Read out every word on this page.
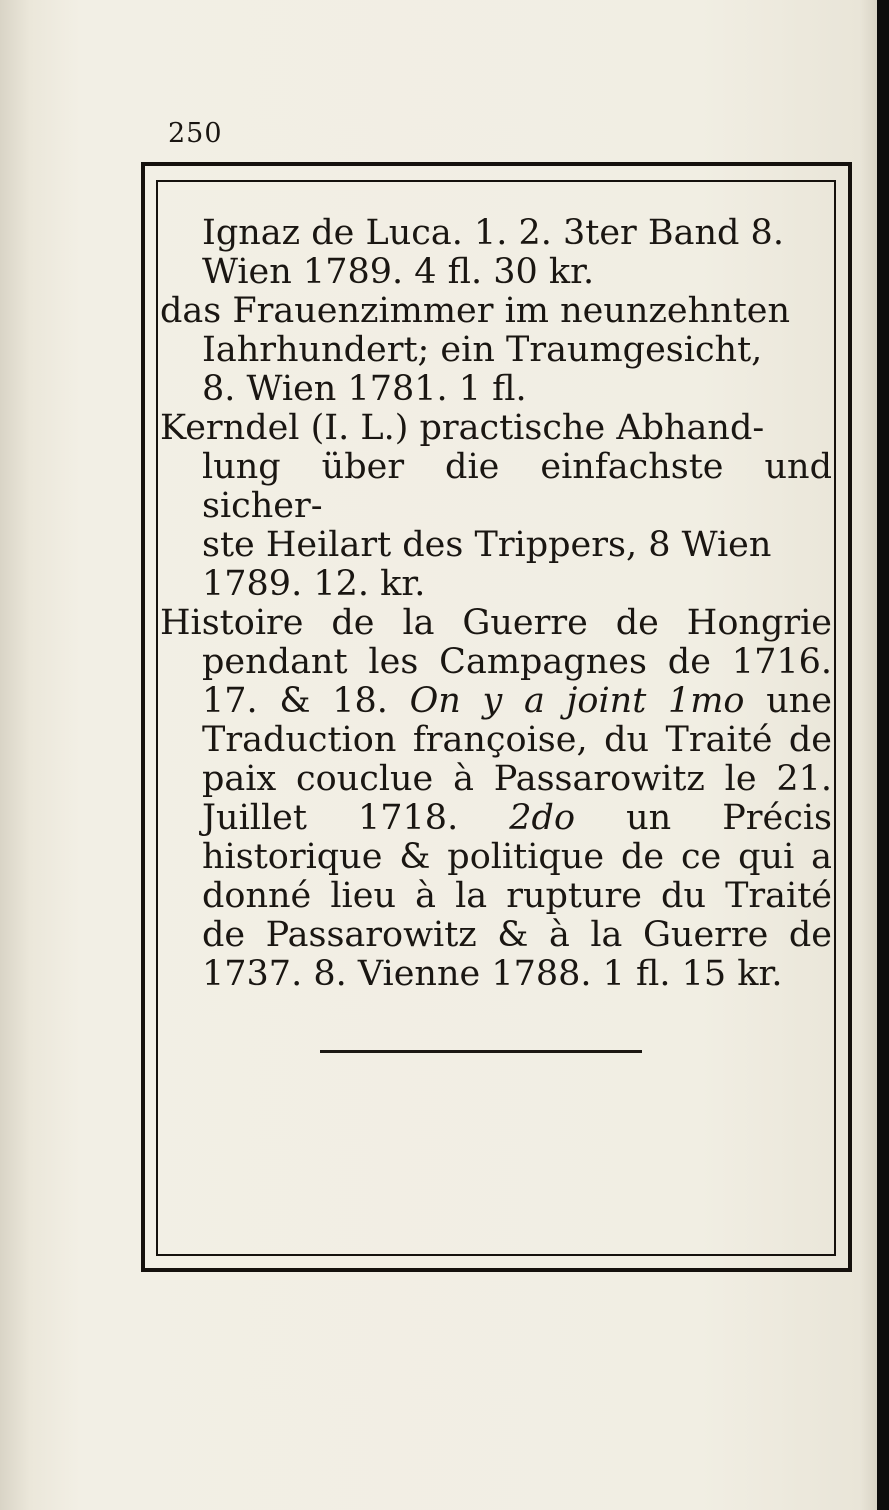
250

Ignaz de Luca. 1. 2. 3ter Band 8.
Wien 1789. 4 fl. 30 kr.

das Frauenzimmer im neunzehnten
Iahrhundert; ein Traumgesicht,
8. Wien 1781. 1 fl.

Kerndel (I. L.) practische Abhand-
lung über die einfachste und sicher-
ste Heilart des Trippers, 8 Wien
1789. 12. kr.

Histoire de la Guerre de Hongrie pendant les Campagnes de 1716. 17. & 18. On y a joint 1mo une Traduction françoise, du Traité de paix couclue à Passarowitz le 21. Juillet 1718. 2do un Précis historique & politique de ce qui a donné lieu à la rupture du Traité de Passarowitz & à la Guerre de 1737. 8. Vienne 1788. 1 fl. 15 kr.
